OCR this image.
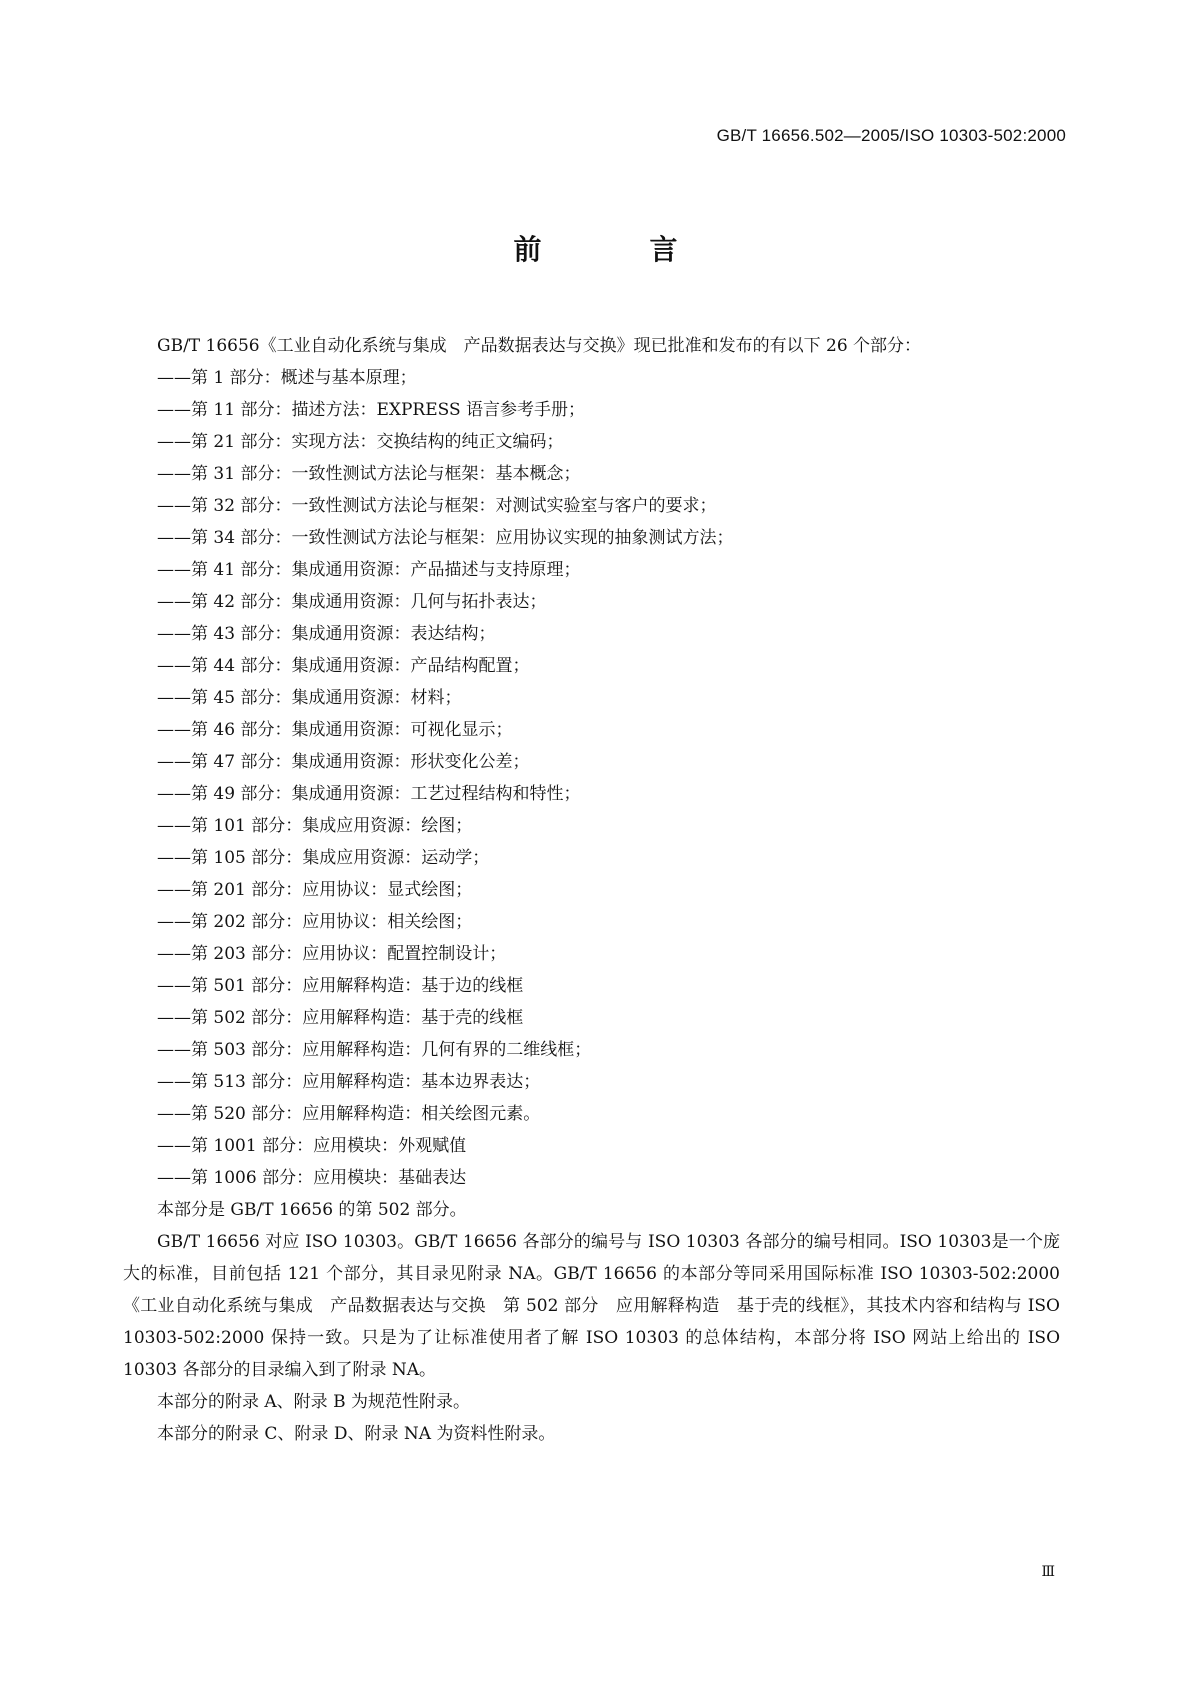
GB/T 16656.502—2005/ISO 10303-502:2000
前　言

GB/T 16656《工业自动化系统与集成　产品数据表达与交换》现已批准和发布的有以下 26 个部分：

——第 1 部分：概述与基本原理；
——第 11 部分：描述方法：EXPRESS 语言参考手册；
——第 21 部分：实现方法：交换结构的纯正文编码；
——第 31 部分：一致性测试方法论与框架：基本概念；
——第 32 部分：一致性测试方法论与框架：对测试实验室与客户的要求；
——第 34 部分：一致性测试方法论与框架：应用协议实现的抽象测试方法；
——第 41 部分：集成通用资源：产品描述与支持原理；
——第 42 部分：集成通用资源：几何与拓扑表达；
——第 43 部分：集成通用资源：表达结构；
——第 44 部分：集成通用资源：产品结构配置；
——第 45 部分：集成通用资源：材料；
——第 46 部分：集成通用资源：可视化显示；
——第 47 部分：集成通用资源：形状变化公差；
——第 49 部分：集成通用资源：工艺过程结构和特性；
——第 101 部分：集成应用资源：绘图；
——第 105 部分：集成应用资源：运动学；
——第 201 部分：应用协议：显式绘图；
——第 202 部分：应用协议：相关绘图；
——第 203 部分：应用协议：配置控制设计；
——第 501 部分：应用解释构造：基于边的线框
——第 502 部分：应用解释构造：基于壳的线框
——第 503 部分：应用解释构造：几何有界的二维线框；
——第 513 部分：应用解释构造：基本边界表达；
——第 520 部分：应用解释构造：相关绘图元素。
——第 1001 部分：应用模块：外观赋值
——第 1006 部分：应用模块：基础表达

本部分是 GB/T 16656 的第 502 部分。

GB/T 16656 对应 ISO 10303。GB/T 16656 各部分的编号与 ISO 10303 各部分的编号相同。ISO 10303是一个庞大的标准，目前包括 121 个部分，其目录见附录 NA。GB/T 16656 的本部分等同采用国际标准 ISO 10303-502:2000《工业自动化系统与集成　产品数据表达与交换　第 502 部分　应用解释构造　基于壳的线框》，其技术内容和结构与 ISO 10303-502:2000 保持一致。只是为了让标准使用者了解 ISO 10303 的总体结构，本部分将 ISO 网站上给出的 ISO 10303 各部分的目录编入到了附录 NA。

本部分的附录 A、附录 B 为规范性附录。

本部分的附录 C、附录 D、附录 NA 为资料性附录。

Ⅲ
